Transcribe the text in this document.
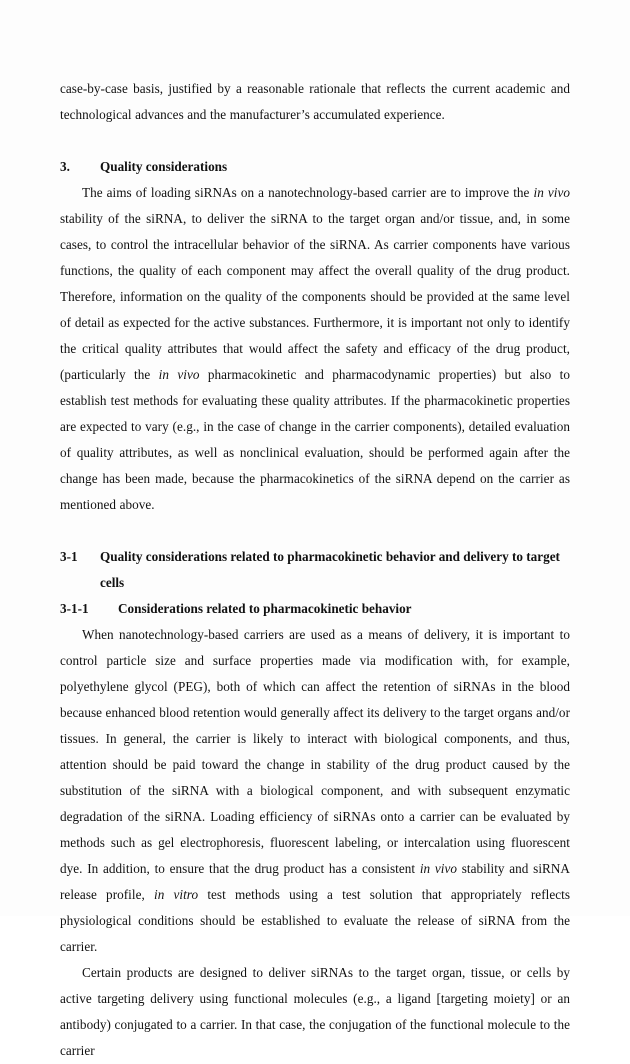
case-by-case basis, justified by a reasonable rationale that reflects the current academic and technological advances and the manufacturer’s accumulated experience.

3.	Quality considerations

The aims of loading siRNAs on a nanotechnology-based carrier are to improve the in vivo stability of the siRNA, to deliver the siRNA to the target organ and/or tissue, and, in some cases, to control the intracellular behavior of the siRNA. As carrier components have various functions, the quality of each component may affect the overall quality of the drug product. Therefore, information on the quality of the components should be provided at the same level of detail as expected for the active substances. Furthermore, it is important not only to identify the critical quality attributes that would affect the safety and efficacy of the drug product, (particularly the in vivo pharmacokinetic and pharmacodynamic properties) but also to establish test methods for evaluating these quality attributes. If the pharmacokinetic properties are expected to vary (e.g., in the case of change in the carrier components), detailed evaluation of quality attributes, as well as nonclinical evaluation, should be performed again after the change has been made, because the pharmacokinetics of the siRNA depend on the carrier as mentioned above.

3-1	Quality considerations related to pharmacokinetic behavior and delivery to target
cells
3-1-1	Considerations related to pharmacokinetic behavior

When nanotechnology-based carriers are used as a means of delivery, it is important to control particle size and surface properties made via modification with, for example, polyethylene glycol (PEG), both of which can affect the retention of siRNAs in the blood because enhanced blood retention would generally affect its delivery to the target organs and/or tissues. In general, the carrier is likely to interact with biological components, and thus, attention should be paid toward the change in stability of the drug product caused by the substitution of the siRNA with a biological component, and with subsequent enzymatic degradation of the siRNA. Loading efficiency of siRNAs onto a carrier can be evaluated by methods such as gel electrophoresis, fluorescent labeling, or intercalation using fluorescent dye. In addition, to ensure that the drug product has a consistent in vivo stability and siRNA release profile, in vitro test methods using a test solution that appropriately reflects physiological conditions should be established to evaluate the release of siRNA from the carrier.

Certain products are designed to deliver siRNAs to the target organ, tissue, or cells by active targeting delivery using functional molecules (e.g., a ligand [targeting moiety] or an antibody) conjugated to a carrier. In that case, the conjugation of the functional molecule to the carrier
